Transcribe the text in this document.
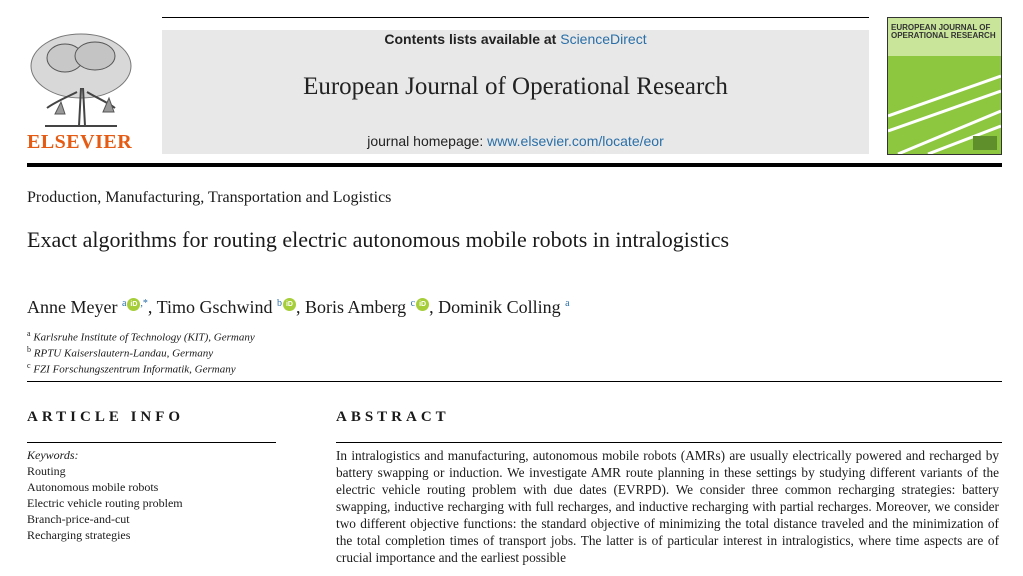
ELSEVIER
Contents lists available at ScienceDirect
European Journal of Operational Research
journal homepage: www.elsevier.com/locate/eor
EUROPEAN JOURNAL OF OPERATIONAL RESEARCH
Production, Manufacturing, Transportation and Logistics
Exact algorithms for routing electric autonomous mobile robots in intralogistics
Anne Meyer $^a$ iD ,*, Timo Gschwind $^b$ iD , Boris Amberg $^c$ iD , Dominik Colling $^a$
$^a$ Karlsruhe Institute of Technology (KIT), Germany
$^b$ RPTU Kaiserslautern-Landau, Germany
$^c$ FZI Forschungszentrum Informatik, Germany
ARTICLE INFO
Keywords:
Routing
Autonomous mobile robots
Electric vehicle routing problem
Branch-price-and-cut
Recharging strategies
ABSTRACT
In intralogistics and manufacturing, autonomous mobile robots (AMRs) are usually electrically powered and recharged by battery swapping or induction. We investigate AMR route planning in these settings by studying different variants of the electric vehicle routing problem with due dates (EVRPD). We consider three common recharging strategies: battery swapping, inductive recharging with full recharges, and inductive recharging with partial recharges. Moreover, we consider two different objective functions: the standard objective of minimizing the total distance traveled and the minimization of the total completion times of transport jobs. The latter is of particular interest in intralogistics, where time aspects are of crucial importance and the earliest possible
